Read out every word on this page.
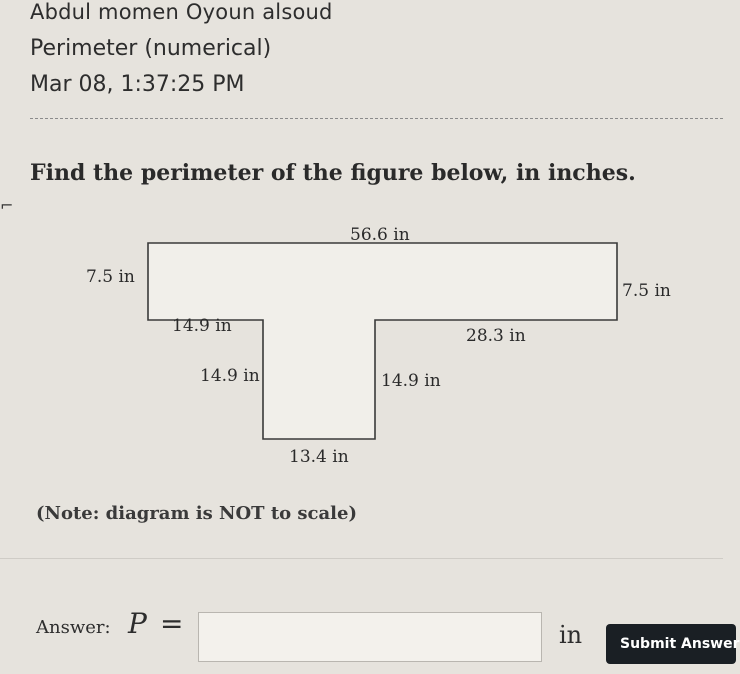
Abdul momen Oyoun alsoud
Perimeter (numerical)
Mar 08, 1:37:25 PM
Find the perimeter of the figure below, in inches.
⌐
56.6 in
7.5 in
7.5 in
14.9 in	28.3 in
14.9 in	14.9 in
13.4 in
(Note: diagram is NOT to scale)
Answer: P =	in	Submit Answer
